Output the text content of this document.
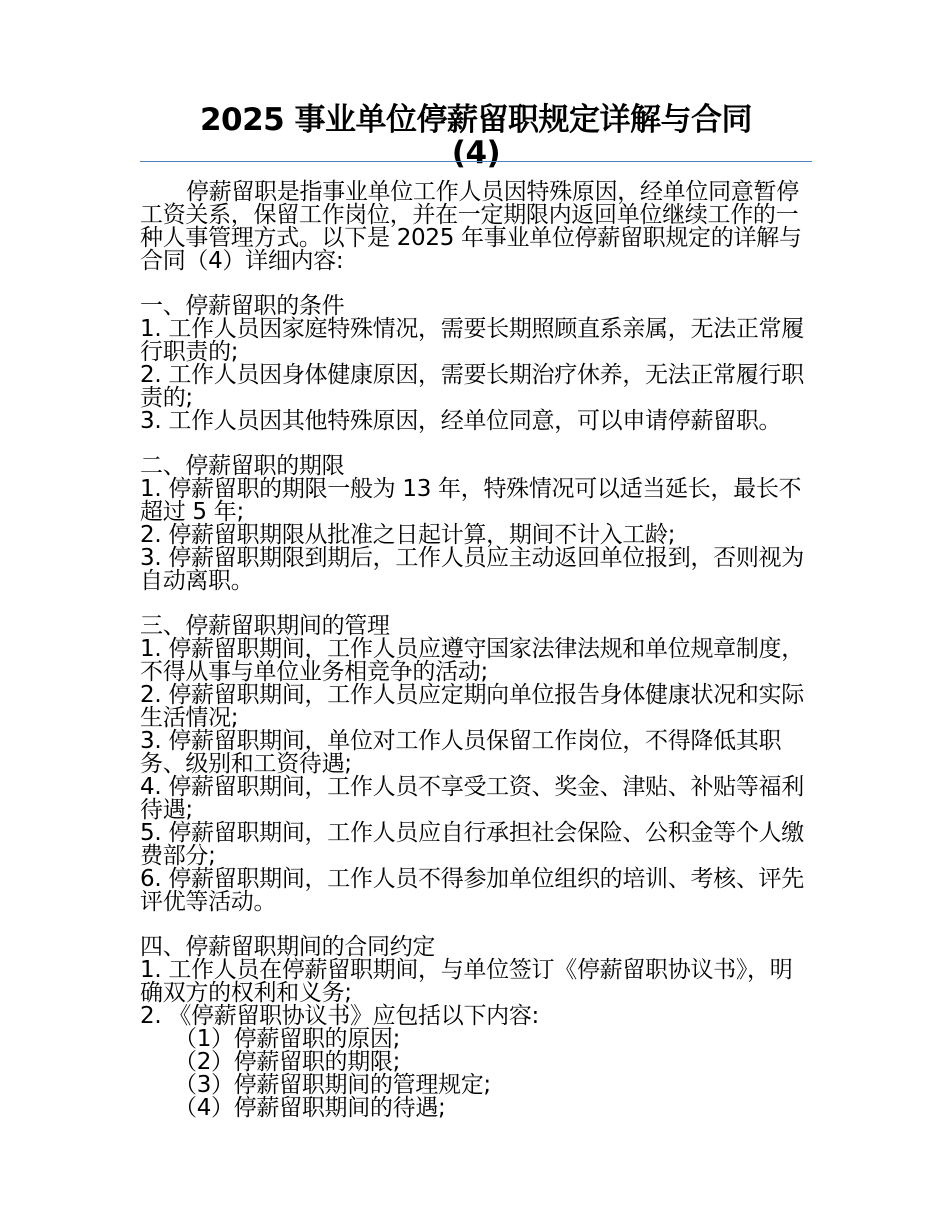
2025 事业单位停薪留职规定详解与合同
(4)

停薪留职是指事业单位工作人员因特殊原因，经单位同意暂停工资关系，保留工作岗位，并在一定期限内返回单位继续工作的一种人事管理方式。以下是 2025 年事业单位停薪留职规定的详解与合同（4）详细内容:

一、停薪留职的条件

1. 工作人员因家庭特殊情况，需要长期照顾直系亲属，无法正常履行职责的;

2. 工作人员因身体健康原因，需要长期治疗休养，无法正常履行职责的;

3. 工作人员因其他特殊原因，经单位同意，可以申请停薪留职。

二、停薪留职的期限

1. 停薪留职的期限一般为 13 年，特殊情况可以适当延长，最长不超过 5 年;

2. 停薪留职期限从批准之日起计算，期间不计入工龄;

3. 停薪留职期限到期后，工作人员应主动返回单位报到，否则视为自动离职。

三、停薪留职期间的管理

1. 停薪留职期间，工作人员应遵守国家法律法规和单位规章制度，不得从事与单位业务相竞争的活动;

2. 停薪留职期间，工作人员应定期向单位报告身体健康状况和实际生活情况;

3. 停薪留职期间，单位对工作人员保留工作岗位，不得降低其职务、级别和工资待遇;

4. 停薪留职期间，工作人员不享受工资、奖金、津贴、补贴等福利待遇;

5. 停薪留职期间，工作人员应自行承担社会保险、公积金等个人缴费部分;

6. 停薪留职期间，工作人员不得参加单位组织的培训、考核、评先评优等活动。

四、停薪留职期间的合同约定

1. 工作人员在停薪留职期间，与单位签订《停薪留职协议书》，明确双方的权利和义务;

2. 《停薪留职协议书》应包括以下内容:

（1）停薪留职的原因;

（2）停薪留职的期限;

（3）停薪留职期间的管理规定;

（4）停薪留职期间的待遇;
